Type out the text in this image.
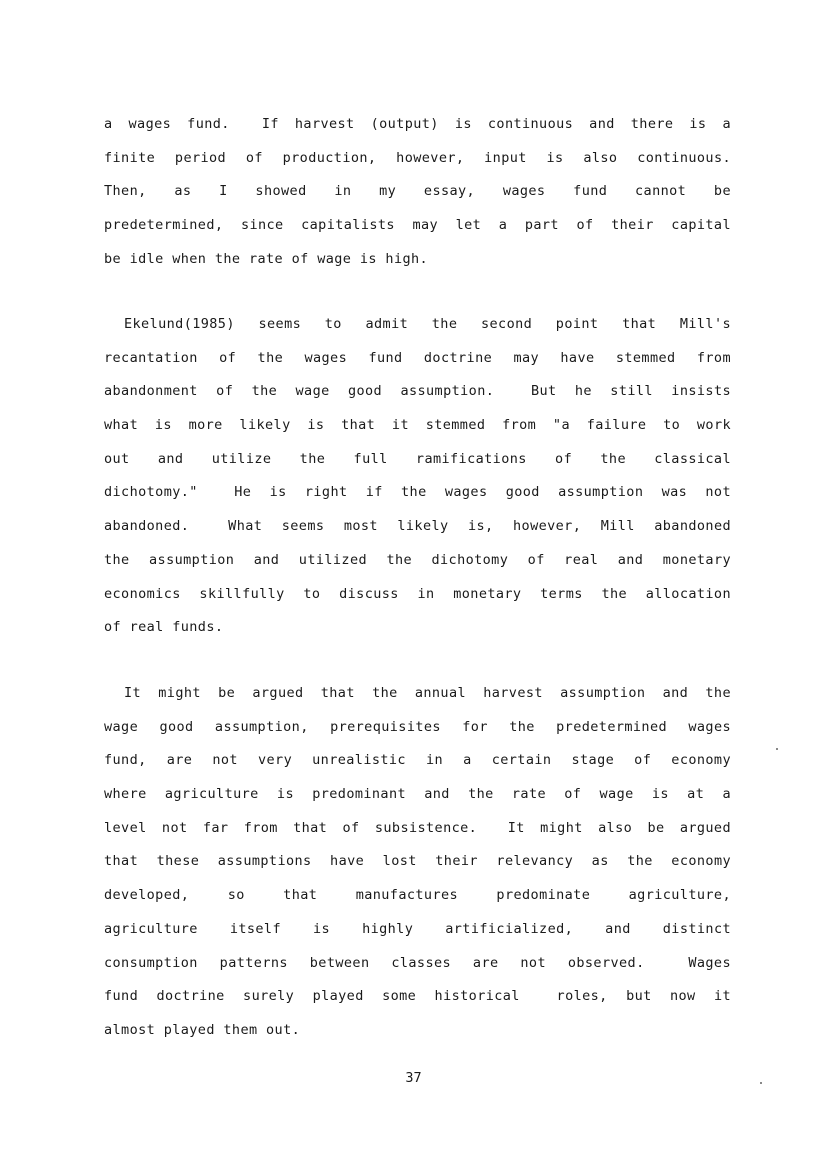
a wages fund.  If harvest (output) is continuous and there is a
finite period of production, however, input is also continuous.
Then, as I showed in my essay, wages fund cannot be
predetermined, since capitalists may let a part of their capital
be idle when the rate of wage is high.
Ekelund(1985) seems to admit the second point that Mill's
recantation of the wages fund doctrine may have stemmed from
abandonment of the wage good assumption.  But he still insists
what is more likely is that it stemmed from "a failure to work
out and utilize the full ramifications of the classical
dichotomy."  He is right if the wages good assumption was not
abandoned.  What seems most likely is, however, Mill abandoned
the assumption and utilized the dichotomy of real and monetary
economics skillfully to discuss in monetary terms the allocation
of real funds.
It might be argued that the annual harvest assumption and the
wage good assumption, prerequisites for the predetermined wages
fund, are not very unrealistic in a certain stage of economy
where agriculture is predominant and the rate of wage is at a
level not far from that of subsistence.  It might also be argued
that these assumptions have lost their relevancy as the economy
developed, so that manufactures predominate agriculture,
agriculture itself is highly artificialized, and distinct
consumption patterns between classes are not observed.  Wages
fund doctrine surely played some historical  roles, but now it
almost played them out.
37
